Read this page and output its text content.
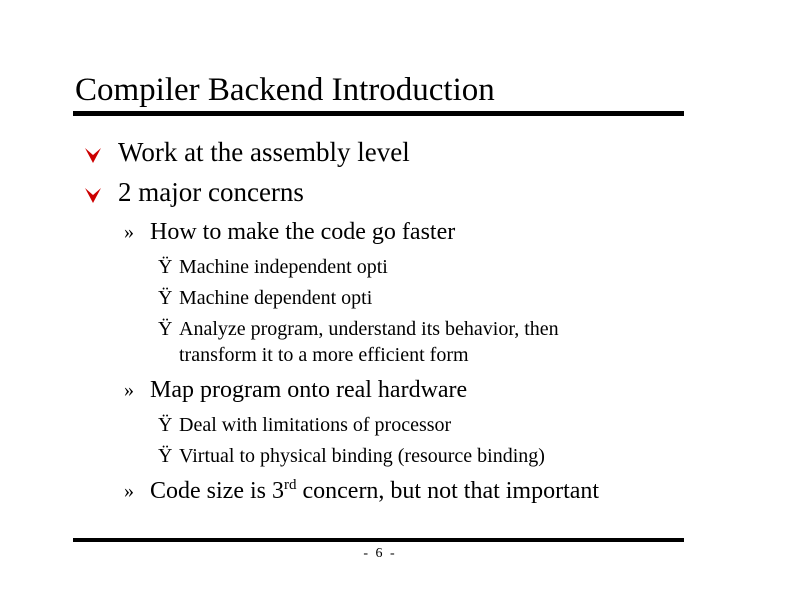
Compiler Backend Introduction
Work at the assembly level
2 major concerns
» How to make the code go faster
Ÿ Machine independent opti
Ÿ Machine dependent opti
Ÿ Analyze program, understand its behavior, then
transform it to a more efficient form
» Map program onto real hardware
Ÿ Deal with limitations of processor
Ÿ Virtual to physical binding (resource binding)
» Code size is 3rd concern, but not that important
- 6 -
